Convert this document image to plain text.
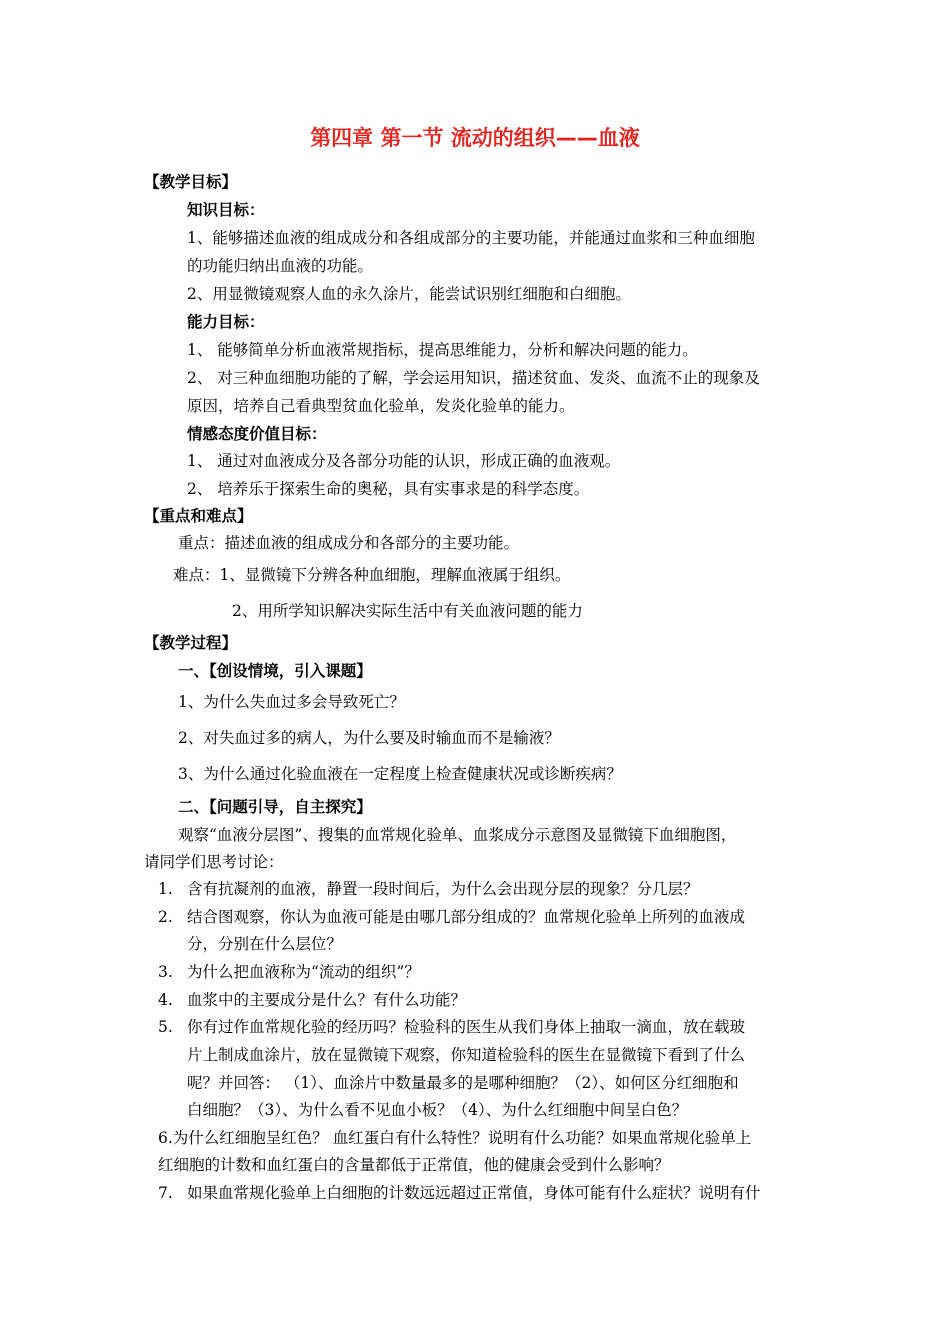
第四章 第一节 流动的组织——血液
【教学目标】
知识目标：
1、能够描述血液的组成成分和各组成部分的主要功能，并能通过血浆和三种血细胞
的功能归纳出血液的功能。
2、用显微镜观察人血的永久涂片，能尝试识别红细胞和白细胞。
能力目标：
1、 能够简单分析血液常规指标，提高思维能力，分析和解决问题的能力。
2、 对三种血细胞功能的了解，学会运用知识，描述贫血、发炎、血流不止的现象及
原因，培养自己看典型贫血化验单，发炎化验单的能力。
情感态度价值目标：
1、 通过对血液成分及各部分功能的认识，形成正确的血液观。
2、 培养乐于探索生命的奥秘，具有实事求是的科学态度。
【重点和难点】
重点：描述血液的组成成分和各部分的主要功能。
难点：1、显微镜下分辨各种血细胞，理解血液属于组织。
2、用所学知识解决实际生活中有关血液问题的能力
【教学过程】
一、【创设情境，引入课题】
1、为什么失血过多会导致死亡？
2、对失血过多的病人，为什么要及时输血而不是输液？
3、为什么通过化验血液在一定程度上检查健康状况或诊断疾病？
二、【问题引导，自主探究】
观察“血液分层图”、搜集的血常规化验单、血浆成分示意图及显微镜下血细胞图，
请同学们思考讨论：
1. 含有抗凝剂的血液，静置一段时间后，为什么会出现分层的现象？分几层？
2. 结合图观察，你认为血液可能是由哪几部分组成的？血常规化验单上所列的血液成
分，分别在什么层位？
3. 为什么把血液称为“流动的组织”？
4. 血浆中的主要成分是什么？有什么功能？
5. 你有过作血常规化验的经历吗？检验科的医生从我们身体上抽取一滴血，放在载玻
片上制成血涂片，放在显微镜下观察，你知道检验科的医生在显微镜下看到了什么
呢？并回答： （1）、血涂片中数量最多的是哪种细胞？（2）、如何区分红细胞和
白细胞？（3）、为什么看不见血小板？（4）、为什么红细胞中间呈白色？
6.为什么红细胞呈红色？ 血红蛋白有什么特性？说明有什么功能？如果血常规化验单上
红细胞的计数和血红蛋白的含量都低于正常值，他的健康会受到什么影响？
7. 如果血常规化验单上白细胞的计数远远超过正常值，身体可能有什么症状？说明有什
